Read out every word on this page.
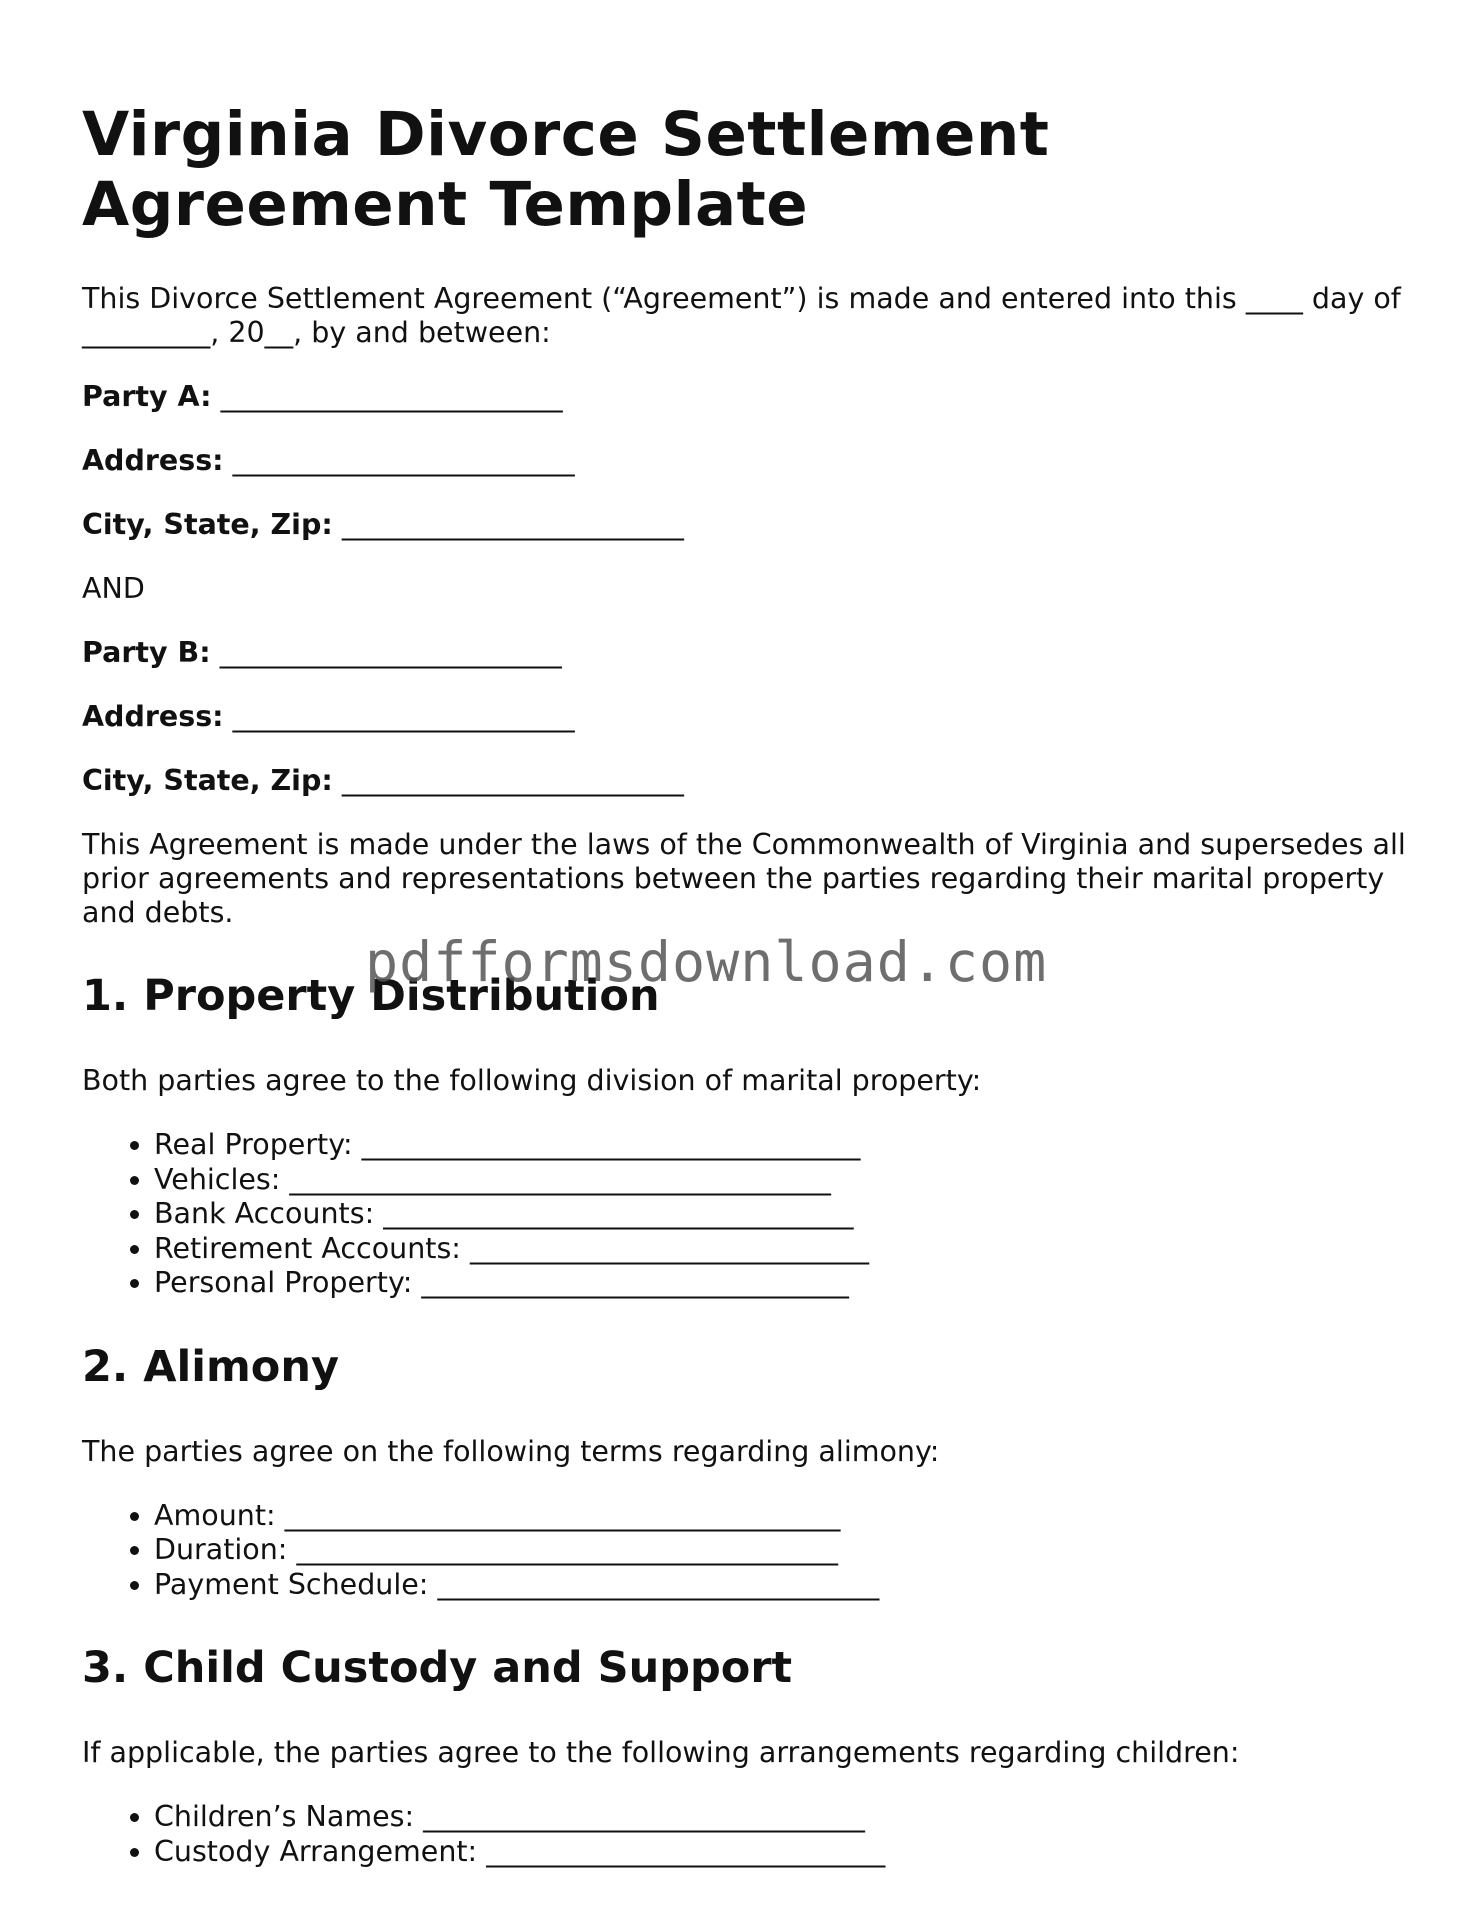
Virginia Divorce Settlement Agreement Template

This Divorce Settlement Agreement (“Agreement”) is made and entered into this ____ day of _________, 20__, by and between:

Party A: ________________________
Address: ________________________
City, State, Zip: ________________________

AND

Party B: ________________________
Address: ________________________
City, State, Zip: ________________________

This Agreement is made under the laws of the Commonwealth of Virginia and supersedes all prior agreements and representations between the parties regarding their marital property and debts.

1. Property Distribution

Both parties agree to the following division of marital property:

• Real Property: ___________________________________
• Vehicles: ______________________________________
• Bank Accounts: _________________________________
• Retirement Accounts: ____________________________
• Personal Property: ______________________________
2. Alimony

The parties agree on the following terms regarding alimony:

• Amount: _______________________________________
• Duration: ______________________________________
• Payment Schedule: _______________________________
3. Child Custody and Support

If applicable, the parties agree to the following arrangements regarding children:

• Children’s Names: _______________________________
• Custody Arrangement: ____________________________
pdfformsdownload.com
